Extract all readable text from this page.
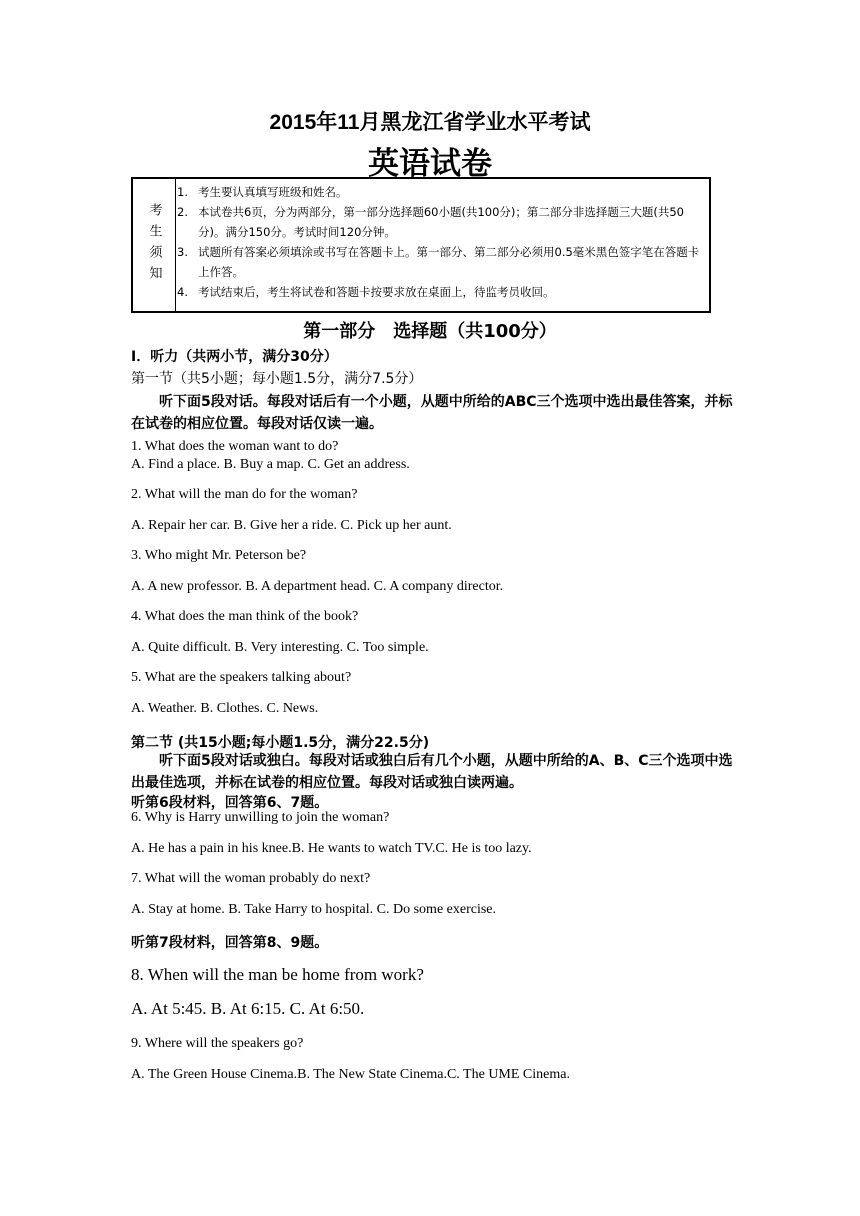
2015年11月黑龙江省学业水平考试
英语试卷
考生须知
1. 考生要认真填写班级和姓名。
2. 本试卷共6页，分为两部分，第一部分选择题60小题(共100分)；第二部分非选择题三大题(共50分)。满分150分。考试时间120分钟。
3. 试题所有答案必须填涂或书写在答题卡上。第一部分、第二部分必须用0.5毫米黑色签字笔在答题卡上作答。
4. 考试结束后，考生将试卷和答题卡按要求放在桌面上，待监考员收回。
第一部分　选择题（共100分）
I．听力（共两小节，满分30分）
第一节（共5小题；每小题1.5分，满分7.5分）
听下面5段对话。每段对话后有一个小题，从题中所给的ABC三个选项中选出最佳答案，并标在试卷的相应位置。每段对话仅读一遍。
1. What does the woman want to do?
A. Find a place. B. Buy a map. C. Get an address.
2. What will the man do for the woman?
A. Repair her car. B. Give her a ride. C. Pick up her aunt.
3. Who might Mr. Peterson be?
A. A new professor. B. A department head. C. A company director.
4. What does the man think of the book?
A. Quite difficult. B. Very interesting. C. Too simple.
5. What are the speakers talking about?
A. Weather. B. Clothes. C. News.
第二节 (共15小题;每小题1.5分，满分22.5分)
听下面5段对话或独白。每段对话或独白后有几个小题，从题中所给的A、B、C三个选项中选出最佳选项，并标在试卷的相应位置。每段对话或独白读两遍。
听第6段材料，回答第6、7题。
6. Why is Harry unwilling to join the woman?
A. He has a pain in his knee.B. He wants to watch TV.C. He is too lazy.
7. What will the woman probably do next?
A. Stay at home. B. Take Harry to hospital. C. Do some exercise.
听第7段材料，回答第8、9题。
8. When will the man be home from work?
A. At 5:45. B. At 6:15. C. At 6:50.
9. Where will the speakers go?
A. The Green House Cinema.B. The New State Cinema.C. The UME Cinema.
